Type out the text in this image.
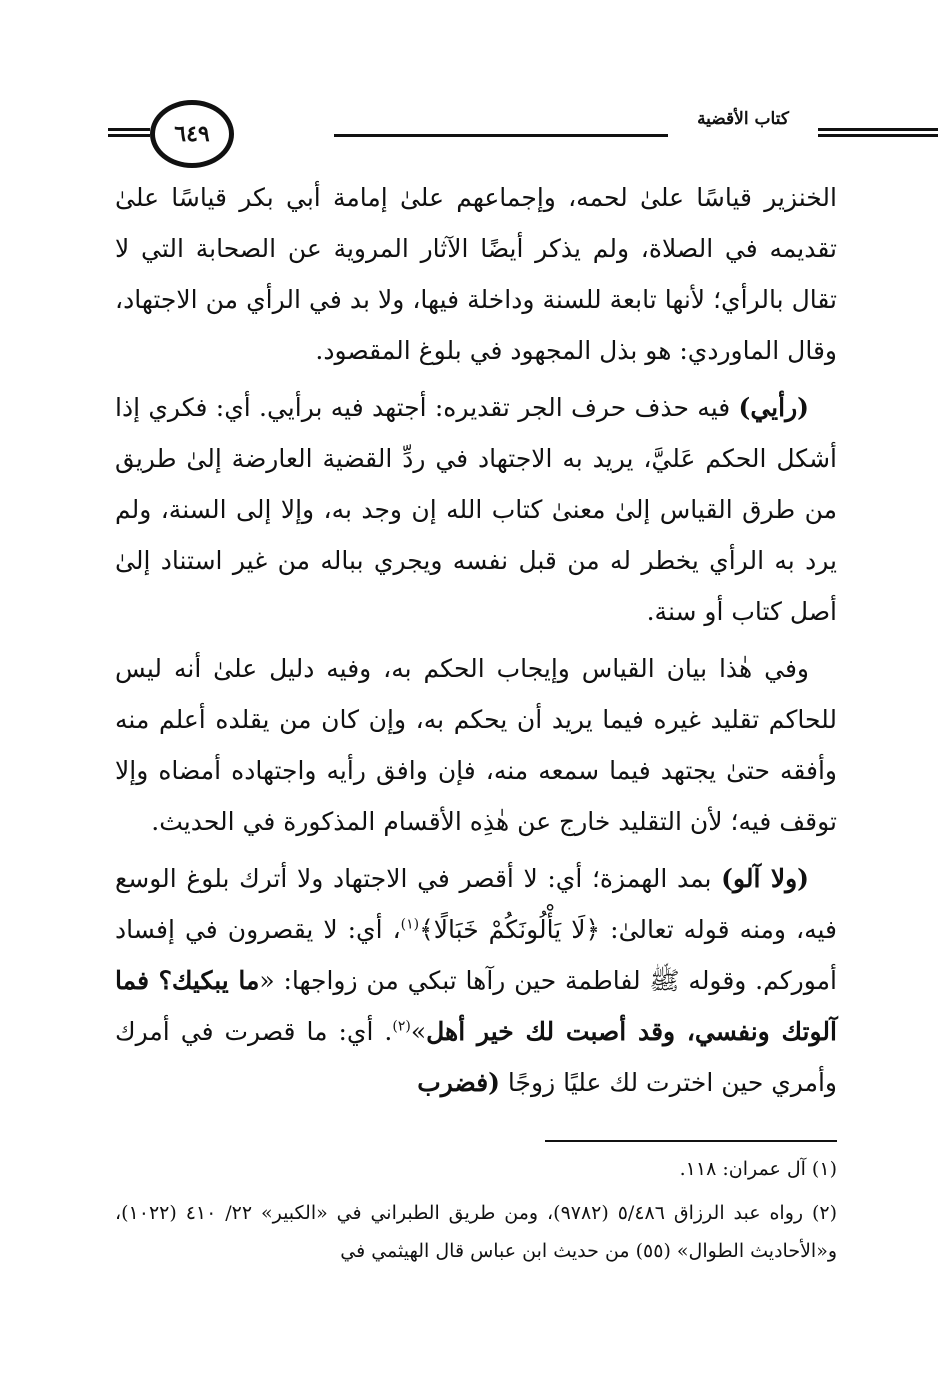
كتاب الأقضية
٦٤٩

الخنزير قياسًا علىٰ لحمه، وإجماعهم علىٰ إمامة أبي بكر قياسًا علىٰ تقديمه في الصلاة، ولم يذكر أيضًا الآثار المروية عن الصحابة التي لا تقال بالرأي؛ لأنها تابعة للسنة وداخلة فيها، ولا بد في الرأي من الاجتهاد، وقال الماوردي: هو بذل المجهود في بلوغ المقصود.

(رأيي) فيه حذف حرف الجر تقديره: أجتهد فيه برأيي. أي: فكري إذا أشكل الحكم عَليَّ، يريد به الاجتهاد في ردِّ القضية العارضة إلىٰ طريق من طرق القياس إلىٰ معنىٰ كتاب الله إن وجد به، وإلا إلى السنة، ولم يرد به الرأي يخطر له من قبل نفسه ويجري بباله من غير استناد إلىٰ أصل كتاب أو سنة.

وفي هٰذا بيان القياس وإيجاب الحكم به، وفيه دليل علىٰ أنه ليس للحاكم تقليد غيره فيما يريد أن يحكم به، وإن كان من يقلده أعلم منه وأفقه حتىٰ يجتهد فيما سمعه منه، فإن وافق رأيه واجتهاده أمضاه وإلا توقف فيه؛ لأن التقليد خارج عن هٰذِه الأقسام المذكورة في الحديث.

(ولا آلو) بمد الهمزة؛ أي: لا أقصر في الاجتهاد ولا أترك بلوغ الوسع فيه، ومنه قوله تعالىٰ: ﴿لَا يَأْلُونَكُمْ خَبَالًا﴾$^{(١)}$، أي: لا يقصرون في إفساد أموركم. وقوله ﷺ لفاطمة حين رآها تبكي من زواجها: «ما يبكيك؟ فما آلوتك ونفسي، وقد أصبت لك خير أهل»$^{(٢)}$. أي: ما قصرت في أمرك وأمري حين اخترت لك عليًا زوجًا (فضرب

(١) آل عمران: ١١٨.

(٢) رواه عبد الرزاق ٥/٤٨٦ (٩٧٨٢)، ومن طريق الطبراني في «الكبير» ٢٢/ ٤١٠ (١٠٢٢)، و«الأحاديث الطوال» (٥٥) من حديث ابن عباس قال الهيثمي في
